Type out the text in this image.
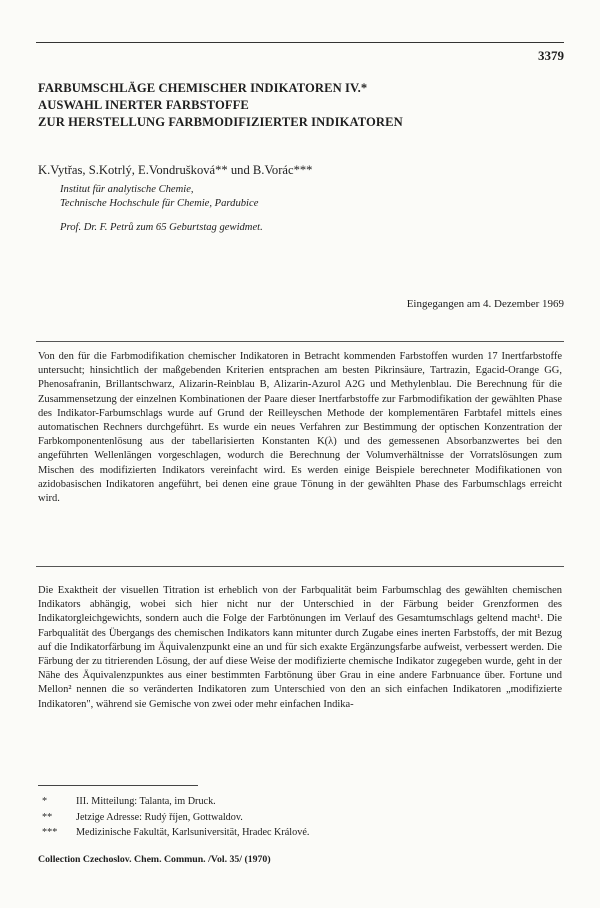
3379
FARBUMSCHLÄGE CHEMISCHER INDIKATOREN IV.*
AUSWAHL INERTER FARBSTOFFE
ZUR HERSTELLUNG FARBMODIFIZIERTER INDIKATOREN
K.Vytřas, S.Kotrlý, E.Vondrušková** und B.Vorác***
Institut für analytische Chemie,
Technische Hochschule für Chemie, Pardubice
Prof. Dr. F. Petrů zum 65 Geburtstag gewidmet.
Eingegangen am 4. Dezember 1969

Von den für die Farbmodifikation chemischer Indikatoren in Betracht kommenden Farbstoffen wurden 17 Inertfarbstoffe untersucht; hinsichtlich der maßgebenden Kriterien entsprachen am besten Pikrinsäure, Tartrazin, Egacid-Orange GG, Phenosafranin, Brillantschwarz, Alizarin-Reinblau B, Alizarin-Azurol A2G und Methylenblau. Die Berechnung für die Zusammensetzung der einzelnen Kombinationen der Paare dieser Inertfarbstoffe zur Farbmodifikation der gewählten Phase des Indikator-Farbumschlags wurde auf Grund der Reilleyschen Methode der komplementären Farbtafel mittels eines automatischen Rechners durchgeführt. Es wurde ein neues Verfahren zur Bestimmung der optischen Konzentration der Farbkomponentenlösung aus der tabellarisierten Konstanten K(λ) und des gemessenen Absorbanzwertes bei den angeführten Wellenlängen vorgeschlagen, wodurch die Berechnung der Volumverhältnisse der Vorratslösungen zum Mischen des modifizierten Indikators vereinfacht wird. Es werden einige Beispiele berechneter Modifikationen von azidobasischen Indikatoren angeführt, bei denen eine graue Tönung in der gewählten Phase des Farbumschlags erreicht wird.

Die Exaktheit der visuellen Titration ist erheblich von der Farbqualität beim Farbumschlag des gewählten chemischen Indikators abhängig, wobei sich hier nicht nur der Unterschied in der Färbung beider Grenzformen des Indikatorgleichgewichts, sondern auch die Folge der Farbtönungen im Verlauf des Gesamtumschlags geltend macht¹. Die Farbqualität des Übergangs des chemischen Indikators kann mitunter durch Zugabe eines inerten Farbstoffs, der mit Bezug auf die Indikatorfärbung im Äquivalenzpunkt eine an und für sich exakte Ergänzungsfarbe aufweist, verbessert werden. Die Färbung der zu titrierenden Lösung, der auf diese Weise der modifizierte chemische Indikator zugegeben wurde, geht in der Nähe des Äquivalenzpunktes aus einer bestimmten Farbtönung über Grau in eine andere Farbnuance über. Fortune und Mellon² nennen die so veränderten Indikatoren zum Unterschied von den an sich einfachen Indikatoren „modifizierte Indikatoren", während sie Gemische von zwei oder mehr einfachen Indika-

*	III. Mitteilung: Talanta, im Druck.
**	Jetzige Adresse: Rudý říjen, Gottwaldov.
***	Medizinische Fakultät, Karlsuniversität, Hradec Králové.
Collection Czechoslov. Chem. Commun. /Vol. 35/ (1970)
